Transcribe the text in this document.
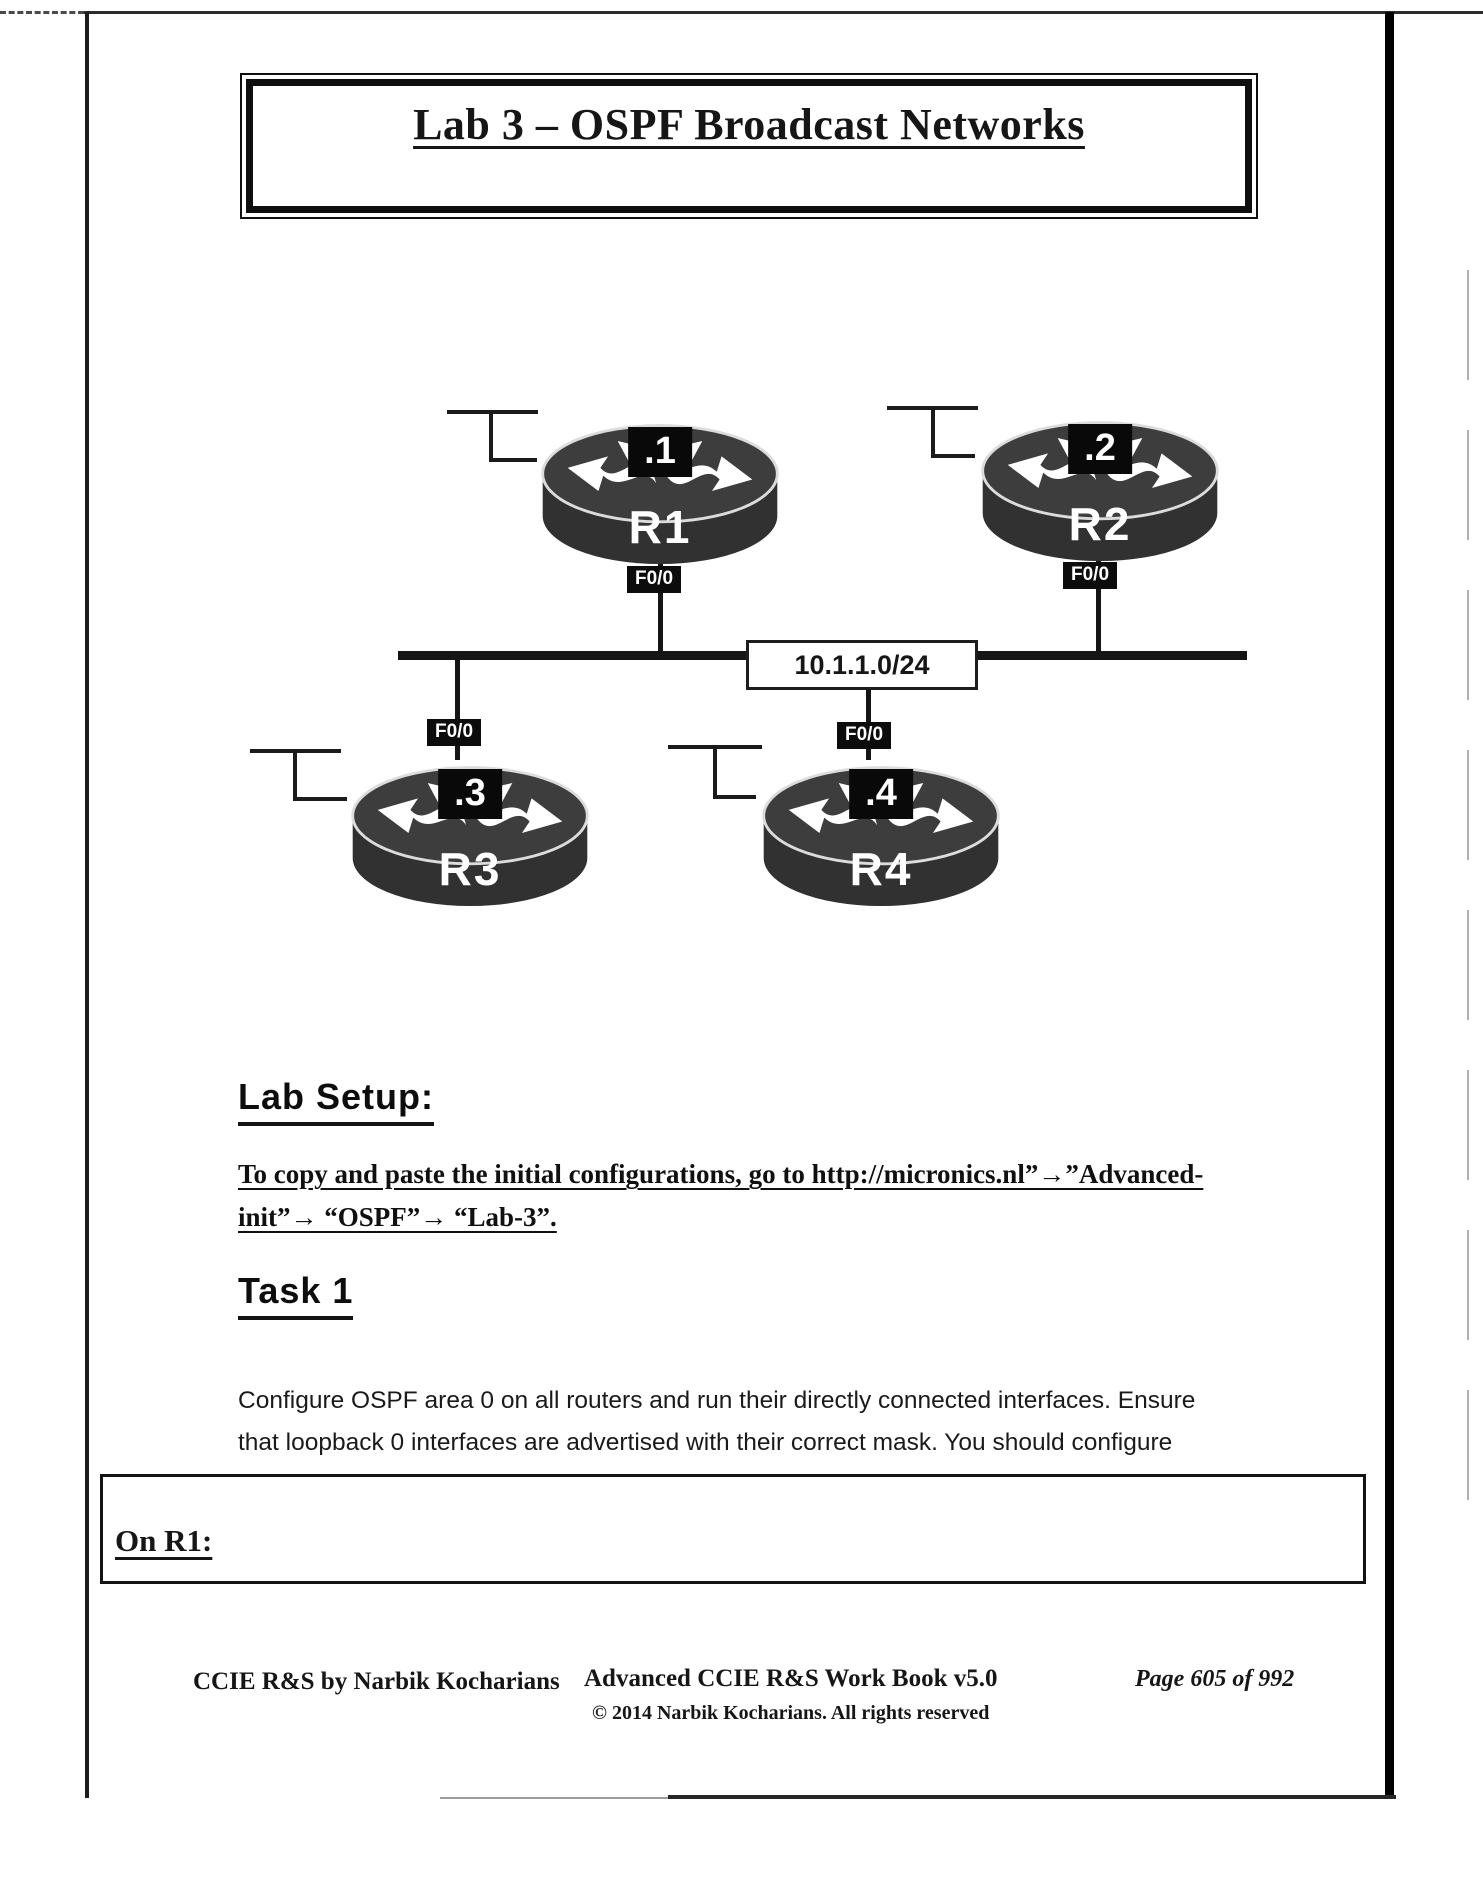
Lab 3 – OSPF Broadcast Networks
10.1.1.0/24
.1
R1
.2
R2
.3
R3
.4
R4
F0/0	F0/0
F0/0	F0/0
Lab Setup:
To copy and paste the initial configurations, go to http://micronics.nl”→”Advanced-
init”→ “OSPF”→ “Lab-3”.
Task 1
Configure OSPF area 0 on all routers and run their directly connected interfaces. Ensure
that loopback 0 interfaces are advertised with their correct mask. You should configure
On R1:
CCIE R&S by Narbik Kocharians Advanced CCIE R&S Work Book v5.0
© 2014 Narbik Kocharians. All rights reserved
Page 605 of 992
